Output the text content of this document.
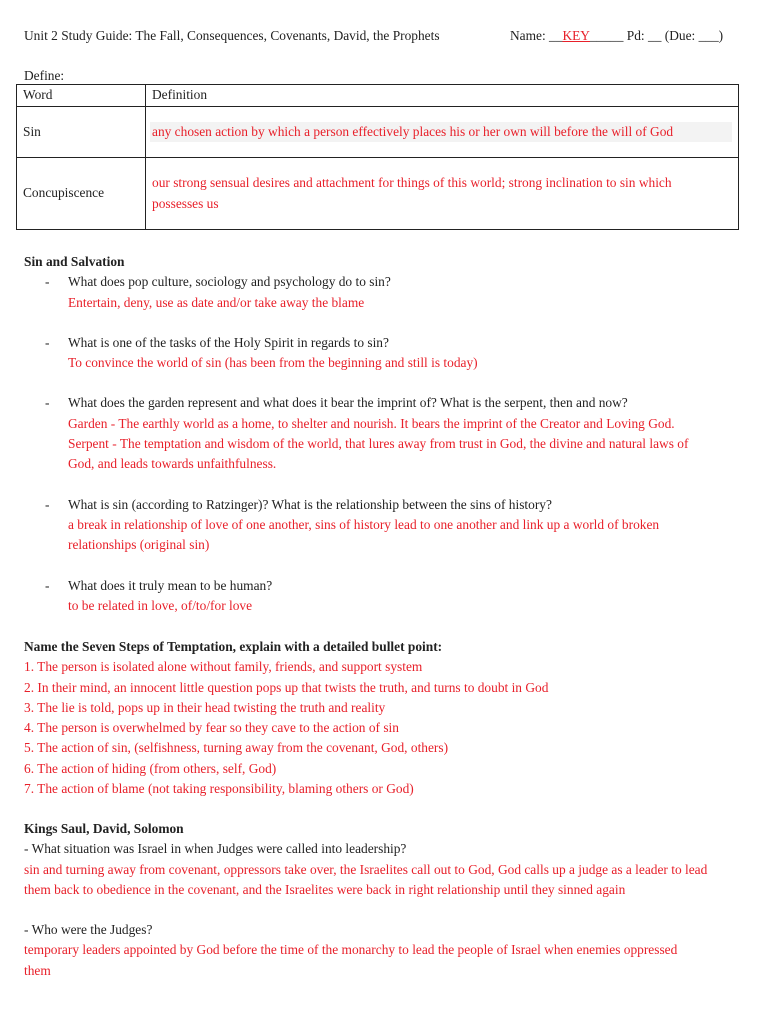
Unit 2 Study Guide: The Fall, Consequences, Covenants, David, the Prophets	Name: __KEY_____ Pd: __ (Due: ___)
Define:
Word	Definition
Sin	any chosen action by which a person effectively places his or her own will before the will of God

Concupiscence	our strong sensual desires and attachment for things of this world; strong inclination to sin which
possesses us
Sin and Salvation
- What does pop culture, sociology and psychology do to sin?
Entertain, deny, use as date and/or take away the blame
- What is one of the tasks of the Holy Spirit in regards to sin?
To convince the world of sin (has been from the beginning and still is today)
- What does the garden represent and what does it bear the imprint of? What is the serpent, then and now?
Garden - The earthly world as a home, to shelter and nourish. It bears the imprint of the Creator and Loving God.
Serpent - The temptation and wisdom of the world, that lures away from trust in God, the divine and natural laws of
God, and leads towards unfaithfulness.
- What is sin (according to Ratzinger)? What is the relationship between the sins of history?
a break in relationship of love of one another, sins of history lead to one another and link up a world of broken
relationships (original sin)
- What does it truly mean to be human?
to be related in love, of/to/for love
Name the Seven Steps of Temptation, explain with a detailed bullet point:
1. The person is isolated alone without family, friends, and support system
2. In their mind, an innocent little question pops up that twists the truth, and turns to doubt in God
3. The lie is told, pops up in their head twisting the truth and reality
4. The person is overwhelmed by fear so they cave to the action of sin
5. The action of sin, (selfishness, turning away from the covenant, God, others)
6. The action of hiding (from others, self, God)
7. The action of blame (not taking responsibility, blaming others or God)
Kings Saul, David, Solomon
- What situation was Israel in when Judges were called into leadership?
sin and turning away from covenant, oppressors take over, the Israelites call out to God, God calls up a judge as a leader to lead
them back to obedience in the covenant, and the Israelites were back in right relationship until they sinned again
- Who were the Judges?
temporary leaders appointed by God before the time of the monarchy to lead the people of Israel when enemies oppressed
them
